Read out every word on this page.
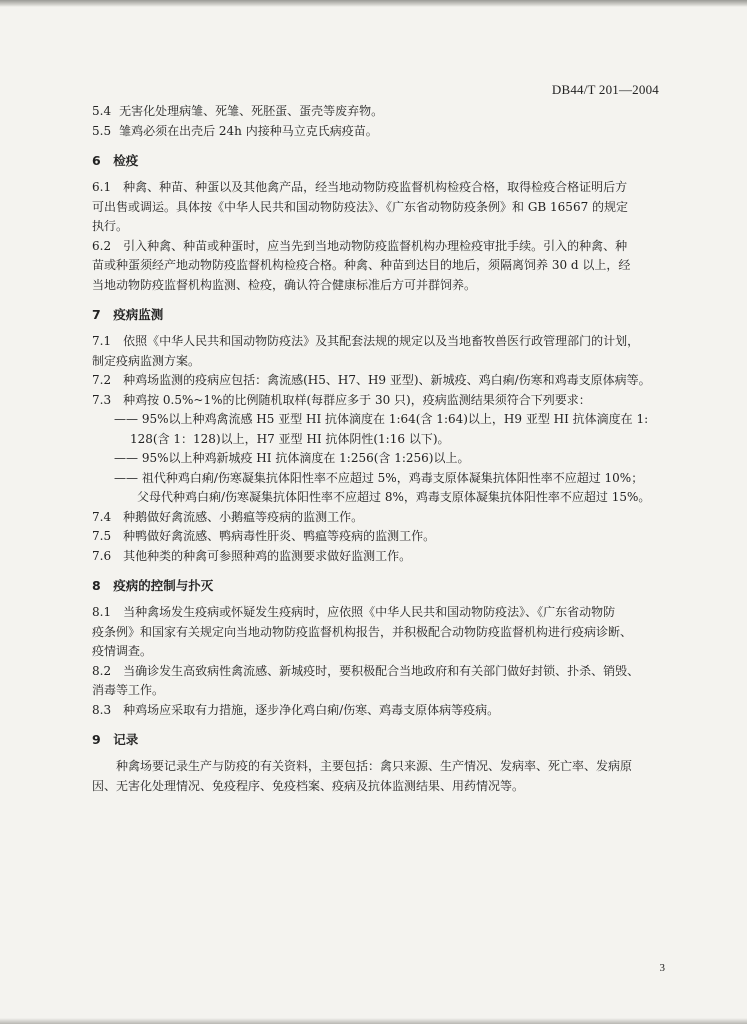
DB44/T 201—2004

5.4 无害化处理病雏、死雏、死胚蛋、蛋壳等废弃物。

5.5 雏鸡必须在出壳后 24h 内接种马立克氏病疫苗。

6　检疫

6.1　种禽、种苗、种蛋以及其他禽产品，经当地动物防疫监督机构检疫合格，取得检疫合格证明后方

可出售或调运。具体按《中华人民共和国动物防疫法》、《广东省动物防疫条例》和 GB 16567 的规定

执行。

6.2　引入种禽、种苗或种蛋时，应当先到当地动物防疫监督机构办理检疫审批手续。引入的种禽、种

苗或种蛋须经产地动物防疫监督机构检疫合格。种禽、种苗到达目的地后，须隔离饲养 30 d 以上，经

当地动物防疫监督机构监测、检疫，确认符合健康标准后方可并群饲养。

7　疫病监测

7.1　依照《中华人民共和国动物防疫法》及其配套法规的规定以及当地畜牧兽医行政管理部门的计划，

制定疫病监测方案。

7.2　种鸡场监测的疫病应包括：禽流感(H5、H7、H9 亚型)、新城疫、鸡白痢/伤寒和鸡毒支原体病等。

7.3　种鸡按 0.5%~1%的比例随机取样(每群应多于 30 只)，疫病监测结果须符合下列要求：

—— 95%以上种鸡禽流感 H5 亚型 HI 抗体滴度在 1:64(含 1:64)以上，H9 亚型 HI 抗体滴度在 1:

128(含 1：128)以上，H7 亚型 HI 抗体阴性(1:16 以下)。

—— 95%以上种鸡新城疫 HI 抗体滴度在 1:256(含 1:256)以上。

—— 祖代种鸡白痢/伤寒凝集抗体阳性率不应超过 5%，鸡毒支原体凝集抗体阳性率不应超过 10%；

父母代种鸡白痢/伤寒凝集抗体阳性率不应超过 8%，鸡毒支原体凝集抗体阳性率不应超过 15%。

7.4　种鹅做好禽流感、小鹅瘟等疫病的监测工作。

7.5　种鸭做好禽流感、鸭病毒性肝炎、鸭瘟等疫病的监测工作。

7.6　其他种类的种禽可参照种鸡的监测要求做好监测工作。

8　疫病的控制与扑灭

8.1　当种禽场发生疫病或怀疑发生疫病时，应依照《中华人民共和国动物防疫法》、《广东省动物防

疫条例》和国家有关规定向当地动物防疫监督机构报告，并积极配合动物防疫监督机构进行疫病诊断、

疫情调查。

8.2　当确诊发生高致病性禽流感、新城疫时，要积极配合当地政府和有关部门做好封锁、扑杀、销毁、

消毒等工作。

8.3　种鸡场应采取有力措施，逐步净化鸡白痢/伤寒、鸡毒支原体病等疫病。

9　记录

种禽场要记录生产与防疫的有关资料，主要包括：禽只来源、生产情况、发病率、死亡率、发病原

因、无害化处理情况、免疫程序、免疫档案、疫病及抗体监测结果、用药情况等。

3
